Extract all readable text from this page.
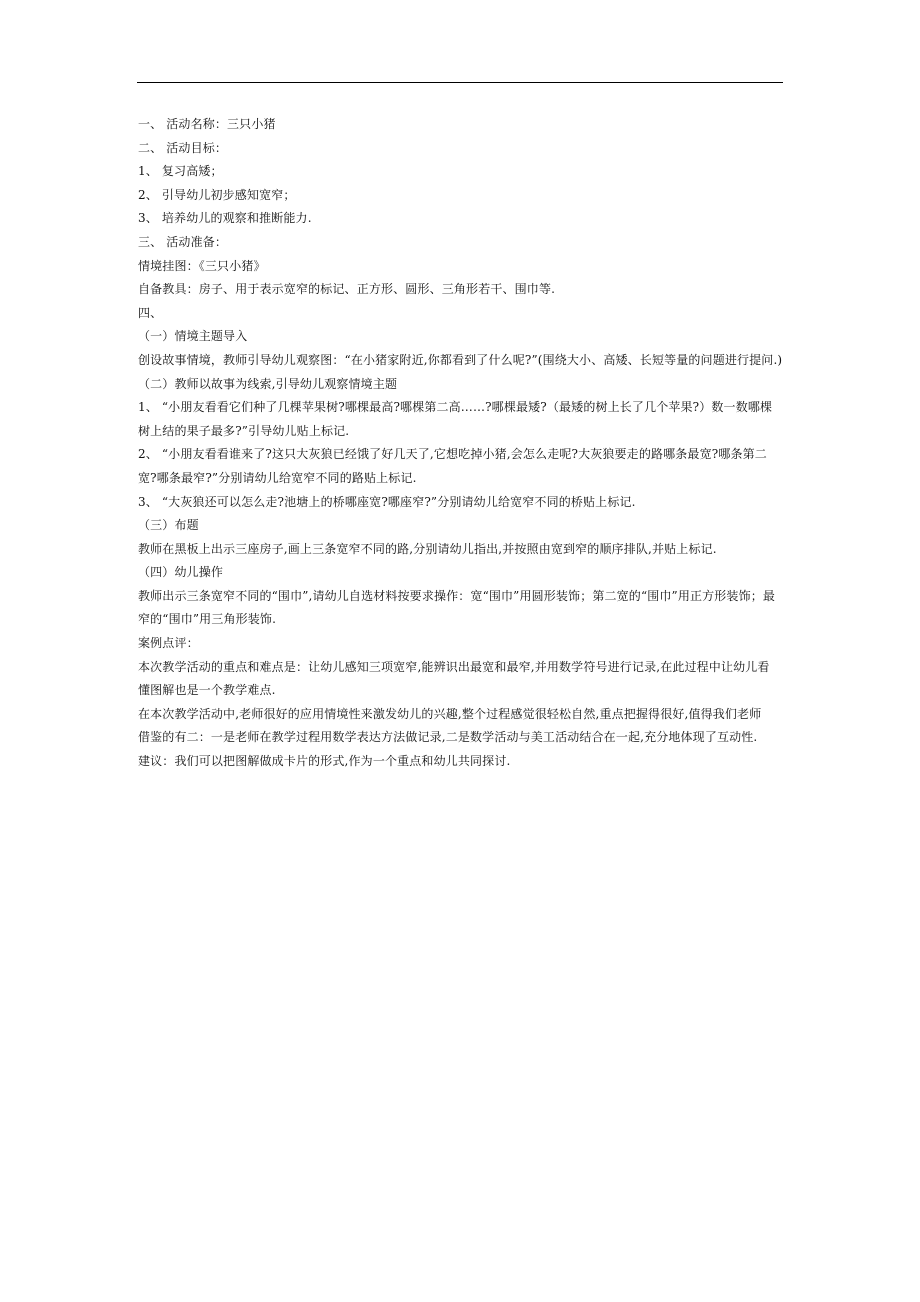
一、 活动名称：三只小猪
二、 活动目标：
1、 复习高矮；
2、 引导幼儿初步感知宽窄；
3、 培养幼儿的观察和推断能力.
三、 活动准备：
情境挂图：《三只小猪》
自备教具：房子、用于表示宽窄的标记、正方形、圆形、三角形若干、围巾等.
四、
（一）情境主题导入
创设故事情境，教师引导幼儿观察图：“在小猪家附近,你都看到了什么呢?”(围绕大小、高矮、长短等量的问题进行提问.)
（二）教师以故事为线索,引导幼儿观察情境主题
1、 “小朋友看看它们种了几棵苹果树?哪棵最高?哪棵第二高……?哪棵最矮?（最矮的树上长了几个苹果?）数一数哪棵
树上结的果子最多?”引导幼儿贴上标记.
2、 “小朋友看看谁来了?这只大灰狼已经饿了好几天了,它想吃掉小猪,会怎么走呢?大灰狼要走的路哪条最宽?哪条第二
宽?哪条最窄?”分别请幼儿给宽窄不同的路贴上标记.
3、 “大灰狼还可以怎么走?池塘上的桥哪座宽?哪座窄?”分别请幼儿给宽窄不同的桥贴上标记.
（三）布题
教师在黑板上出示三座房子,画上三条宽窄不同的路,分别请幼儿指出,并按照由宽到窄的顺序排队,并贴上标记.
（四）幼儿操作
教师出示三条宽窄不同的“围巾”,请幼儿自选材料按要求操作：宽“围巾”用圆形装饰；第二宽的“围巾”用正方形装饰；最
窄的“围巾”用三角形装饰.
案例点评：
本次教学活动的重点和难点是：让幼儿感知三项宽窄,能辨识出最宽和最窄,并用数学符号进行记录,在此过程中让幼儿看
懂图解也是一个教学难点.
在本次教学活动中,老师很好的应用情境性来激发幼儿的兴趣,整个过程感觉很轻松自然,重点把握得很好,值得我们老师
借鉴的有二：一是老师在教学过程用数学表达方法做记录,二是数学活动与美工活动结合在一起,充分地体现了互动性.
建议：我们可以把图解做成卡片的形式,作为一个重点和幼儿共同探讨.
